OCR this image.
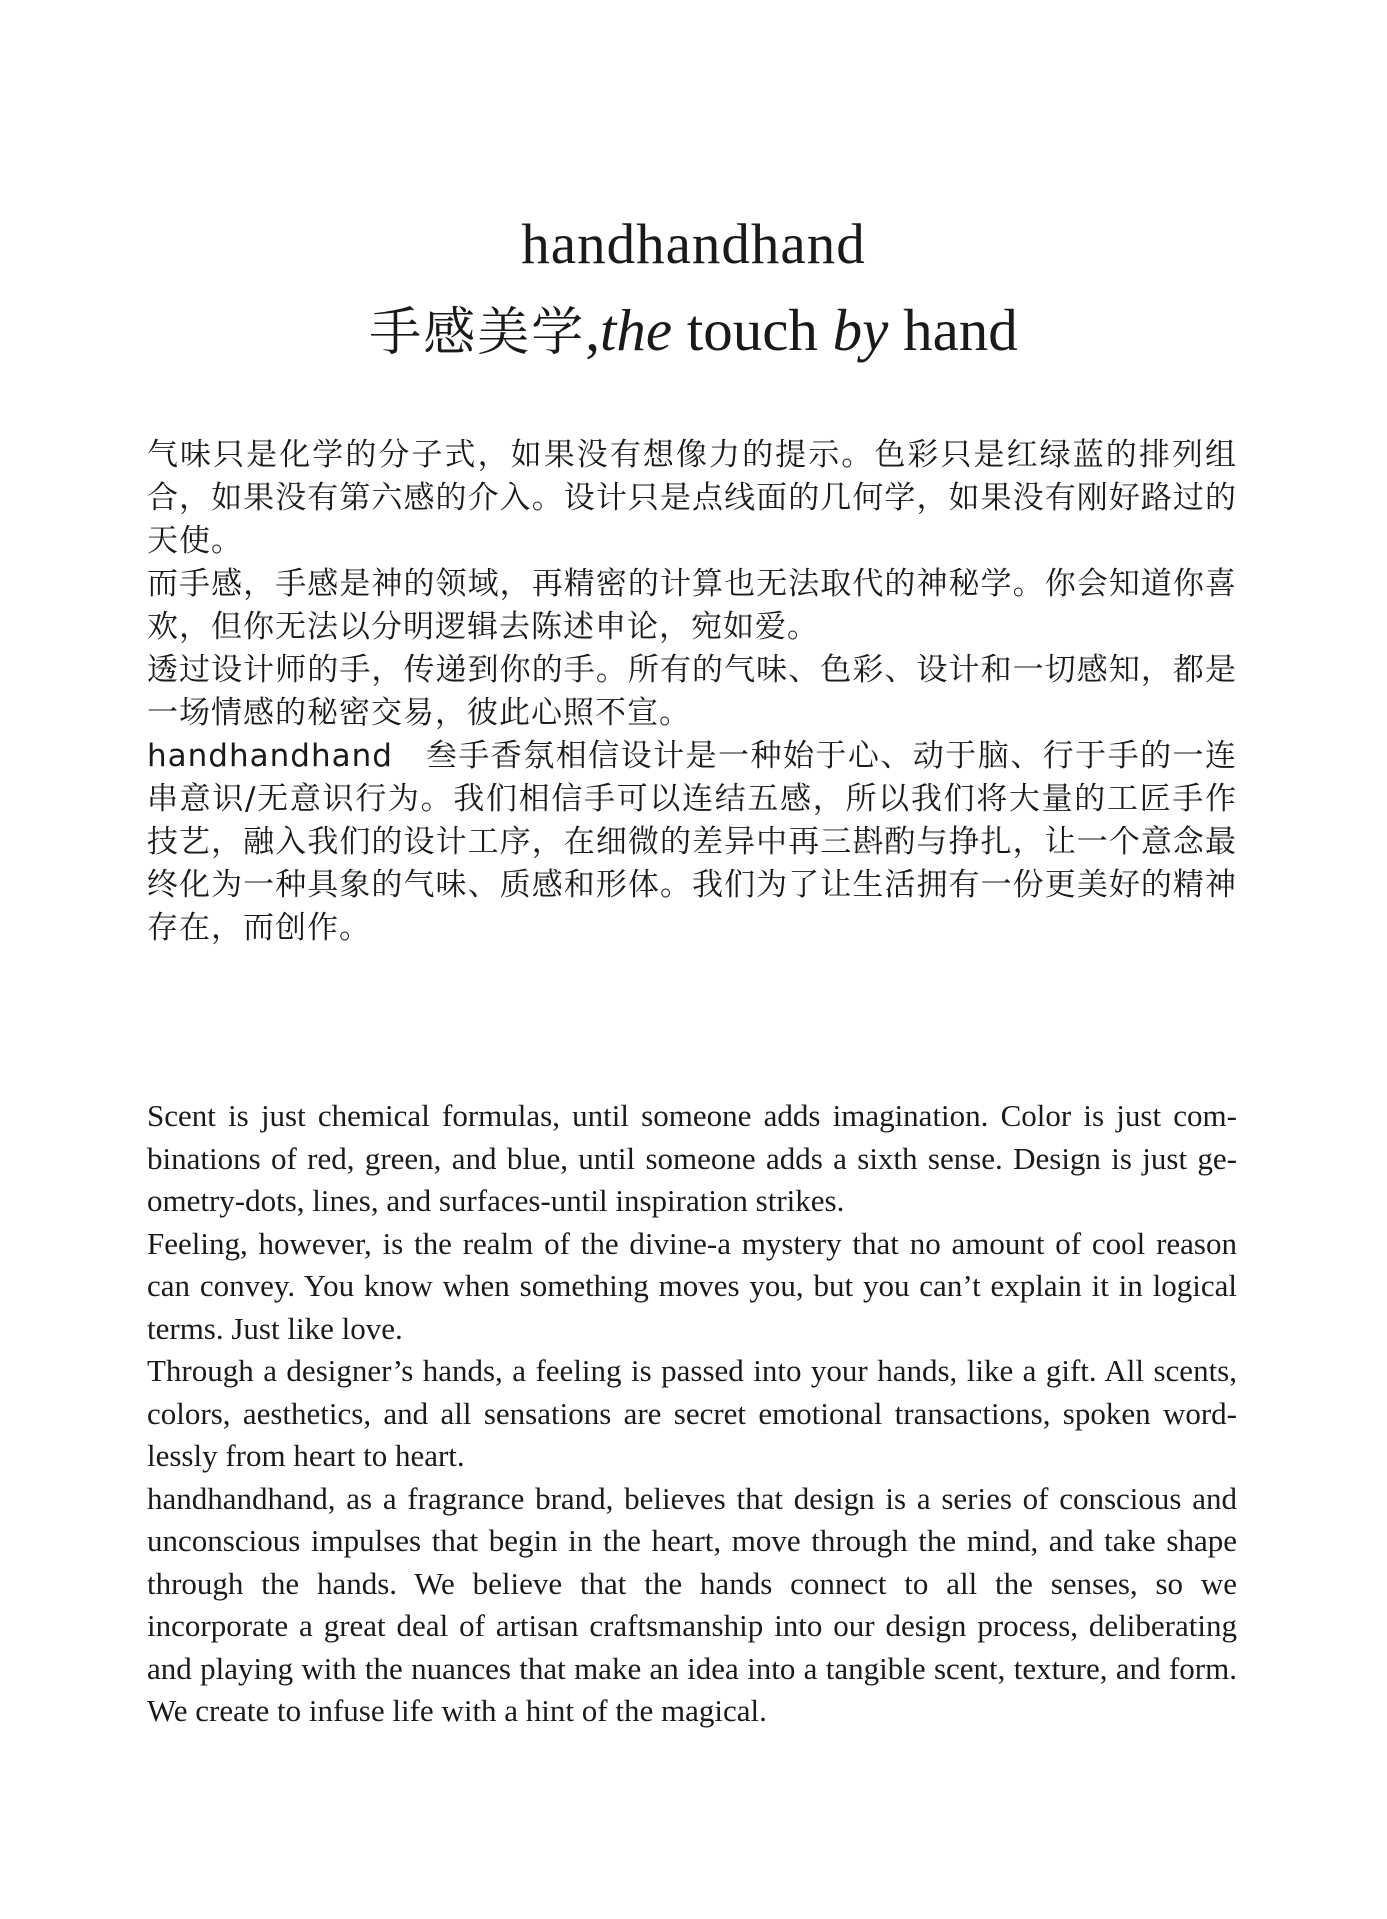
handhandhand
手感美学,the touch by hand

气味只是化学的分子式，如果没有想像力的提示。色彩只是红绿蓝的排列组合，如果没有第六感的介入。设计只是点线面的几何学，如果没有刚好路过的天使。

而手感，手感是神的领域，再精密的计算也无法取代的神秘学。你会知道你喜欢，但你无法以分明逻辑去陈述申论，宛如爱。

透过设计师的手，传递到你的手。所有的气味、色彩、设计和一切感知，都是一场情感的秘密交易，彼此心照不宣。

handhandhand　叁手香氛相信设计是一种始于心、动于脑、行于手的一连串意识/无意识行为。我们相信手可以连结五感，所以我们将大量的工匠手作技艺，融入我们的设计工序，在细微的差异中再三斟酌与挣扎，让一个意念最终化为一种具象的气味、质感和形体。我们为了让生活拥有一份更美好的精神存在，而创作。

Scent is just chemical formulas, until someone adds imagination. Color is just combinations of red, green, and blue, until someone adds a sixth sense. Design is just geometry-dots, lines, and surfaces-until inspiration strikes.

Feeling, however, is the realm of the divine-a mystery that no amount of cool reason can convey. You know when something moves you, but you can’t explain it in logical terms. Just like love.

Through a designer’s hands, a feeling is passed into your hands, like a gift. All scents, colors, aesthetics, and all sensations are secret emotional transactions, spoken wordlessly from heart to heart.

handhandhand, as a fragrance brand, believes that design is a series of conscious and unconscious impulses that begin in the heart, move through the mind, and take shape through the hands. We believe that the hands connect to all the senses, so we incorporate a great deal of artisan craftsmanship into our design process, deliberating and playing with the nuances that make an idea into a tangible scent, texture, and form. We create to infuse life with a hint of the magical.
